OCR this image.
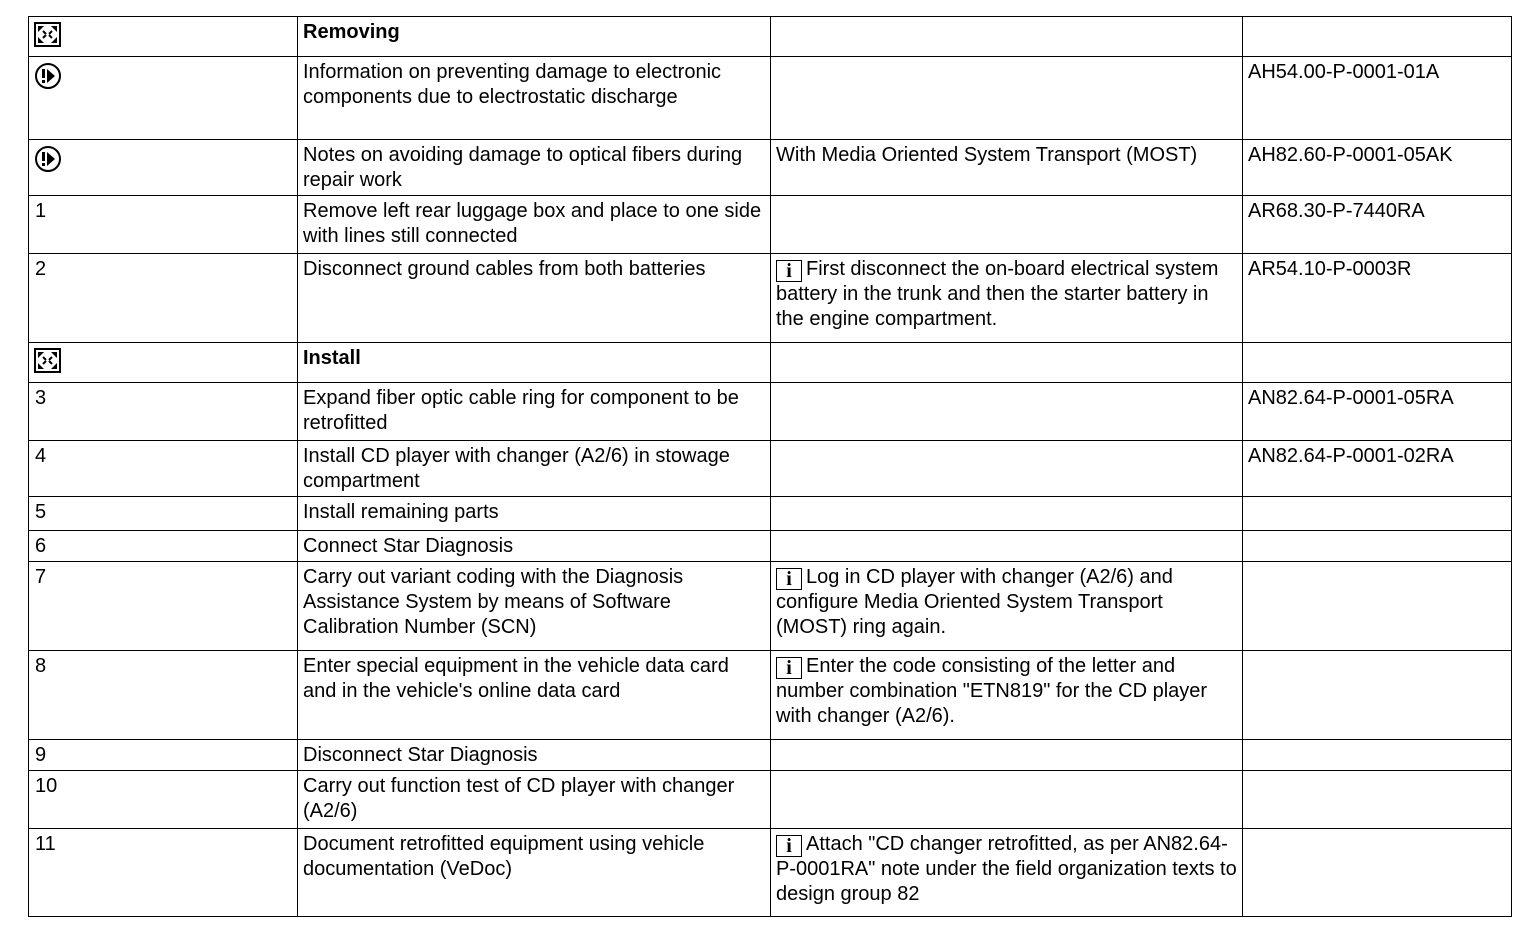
	Removing		
	Information on preventing damage to electronic components due to electrostatic discharge		AH54.00-P-0001-01A
	Notes on avoiding damage to optical fibers during repair work	With Media Oriented System Transport (MOST)	AH82.60-P-0001-05AK
1	Remove left rear luggage box and place to one side with lines still connected		AR68.30-P-7440RA
2	Disconnect ground cables from both batteries	i First disconnect the on-board electrical system battery in the trunk and then the starter battery in the engine compartment.	AR54.10-P-0003R
	Install		
3	Expand fiber optic cable ring for component to be retrofitted		AN82.64-P-0001-05RA
4	Install CD player with changer (A2/6) in stowage compartment		AN82.64-P-0001-02RA
5	Install remaining parts		
6	Connect Star Diagnosis		
7	Carry out variant coding with the Diagnosis Assistance System by means of Software Calibration Number (SCN)	i Log in CD player with changer (A2/6) and configure Media Oriented System Transport (MOST) ring again.	
8	Enter special equipment in the vehicle data card and in the vehicle's online data card	i Enter the code consisting of the letter and number combination "ETN819" for the CD player with changer (A2/6).	
9	Disconnect Star Diagnosis		
10	Carry out function test of CD player with changer (A2/6)		
11	Document retrofitted equipment using vehicle documentation (VeDoc)	i Attach "CD changer retrofitted, as per AN82.64-P-0001RA" note under the field organization texts to design group 82	
